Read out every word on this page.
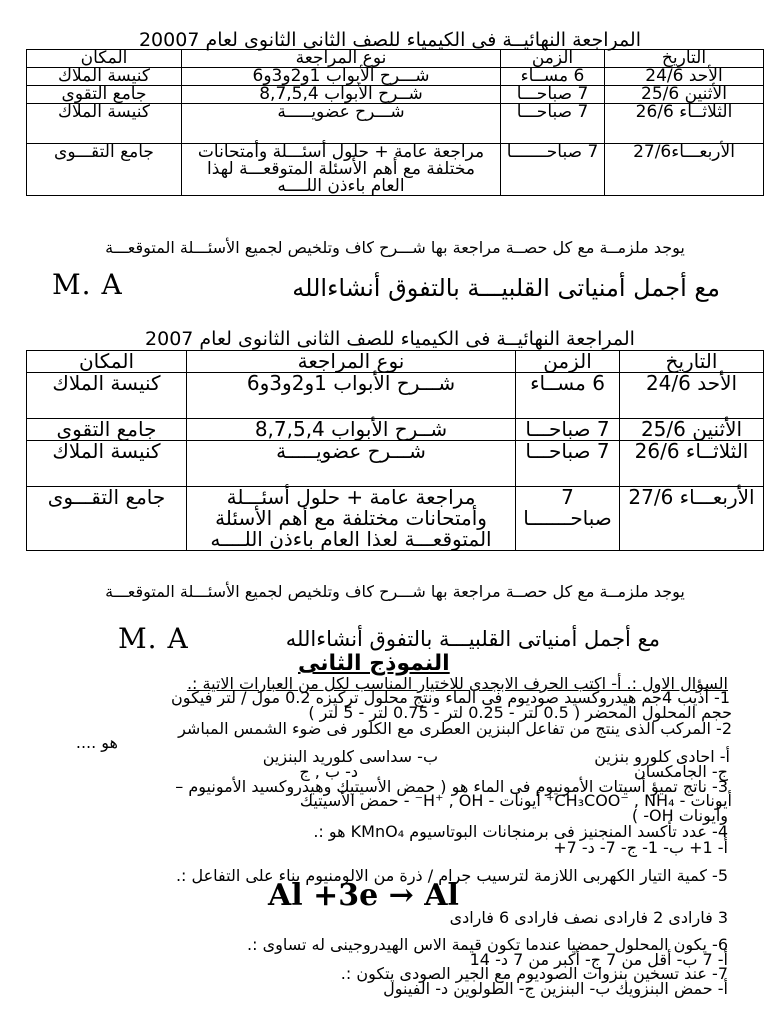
المراجعة النهائيــة فى الكيمياء للصف الثانى الثانوى لعام 20007
التاريخ	الزمن	نوع المراجعة	المكان
الأحد 24/6	6 مســاء	شـــرح الأبواب 1و2و3و6	كنيسة الملاك
الأثنين 25/6	7 صباحـــا	شــرح الأبواب 8,7,5,4	جامع التقوى
الثلاثــاء 26/6	7 صباحـــا	شـــرح عضويـــــة	كنيسة الملاك
الأربعـــاء27/6	7 صباحـــــــا	مراجعة عامة + حلول أسئـــلة وأمتحانات مختلفة مع أهم الأسئلة المتوقعـــة لهذا العام باءذن اللــــه	جامع التقـــوى
يوجد ملزمــة مع كل حصــة مراجعة بها شـــرح كاف وتلخيص لجميع الأسئـــلة المتوقعـــة
مع أجمل أمنياتى القلبيـــة بالتفوق أنشاءالله
M. A
المراجعة النهائيــة فى الكيمياء للصف الثانى الثانوى لعام 2007
التاريخ	الزمن	نوع المراجعة	المكان
الأحد 24/6	6 مســاء	شـــرح الأبواب 1و2و3و6	كنيسة الملاك
الأثنين 25/6	7 صباحـــا	شــرح الأبواب 8,7,5,4	جامع التقوى
الثلاثــاء 26/6	7 صباحـــا	شـــرح عضويـــــة	كنيسة الملاك
الأربعـــاء 27/6	7 صباحـــــــا	مراجعة عامة + حلول أسئـــلة وأمتحانات مختلفة مع أهم الأسئلة المتوقعـــة لعذا العام باءذن اللــــه	جامع التقـــوى
يوجد ملزمــة مع كل حصــة مراجعة بها شـــرح كاف وتلخيص لجميع الأسئـــلة المتوقعـــة
مع أجمل أمنياتى القلبيـــة بالتفوق أنشاءالله
M. A
النموذج الثانى
السؤال الاول :. أ- اكتب الحرف الابجدى للاختيار المناسب لكل من العبارات الاتية :.
1- أذيب 4جم هيدروكسيد صوديوم فى الماء ونتج محلول تركيزه 0.2 مول / لتر فيكون
حجم المحلول المحضر ( 0.5 لتر - 0.25 لتر - 0.75 لتر - 5 لتر )
2- المركب الذى ينتج من تفاعل البنزين العطرى مع الكلور فى ضوء الشمس المباشر
هو ....
أ- احادى كلورو بنزين
ب- سداسى كلوريد البنزين
ج- الجامكسان
د- ب , ج
3- ناتج تميؤ أسيتات الأمونيوم فى الماء هو ( حمض الأسيتيك وهيدروكسيد الأمونيوم –
أيونات - CH₃COO⁻ , NH₄⁺ أيونات - H⁺ , OH⁻ - حمض الأسيتيك
وأيونات OH- )
4- عدد تأكسد المنجنيز فى برمنجانات البوتاسيوم KMnO₄ هو :.
أ- 1+ ب- 1- ج- 7- د- 7+
5- كمية التيار الكهربى اللازمة لترسيب جرام / ذرة من الالومنيوم بناء على التفاعل :.
Al +3e → Al
3 فارادى 2 فارادى نصف فارادى 6 فارادى
6- يكون المحلول حمضيا عندما تكون قيمة الاس الهيدروجينى له تساوى :.
أ- 7 ب- أقل من 7 ج- أكبر من 7 د- 14
7- عند تسخين بنزوات الصوديوم مع الجير الصودى يتكون :.
أ- حمض البنزويك ب- البنزين ج- الطولوين د- الفينول
